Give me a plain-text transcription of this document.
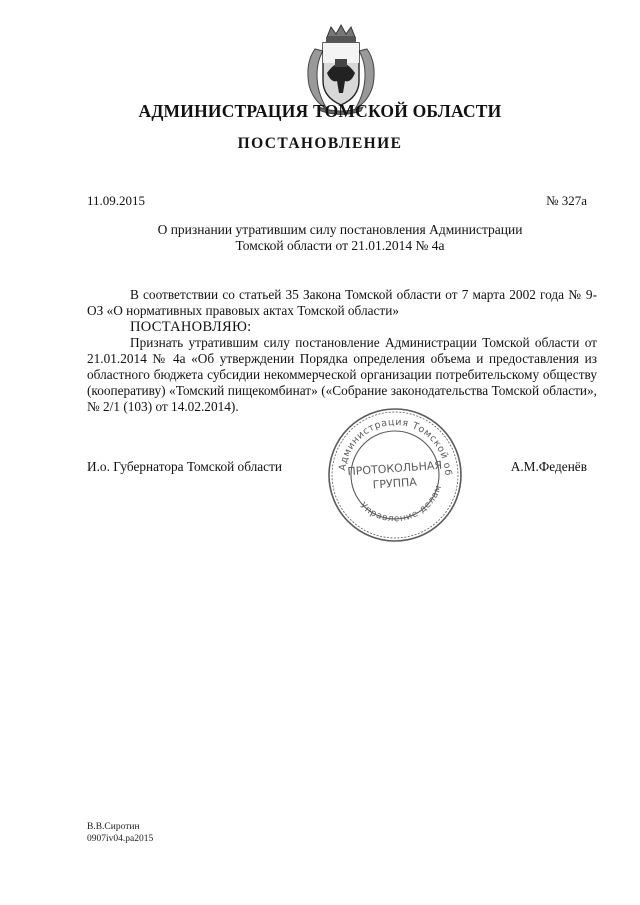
АДМИНИСТРАЦИЯ ТОМСКОЙ ОБЛАСТИ
ПОСТАНОВЛЕНИЕ
11.09.2015	№ 327а
О признании утратившим силу постановления Администрации
Томской области от 21.01.2014 № 4а

В соответствии со статьей 35 Закона Томской области от 7 марта 2002 года № 9-ОЗ «О нормативных правовых актах Томской области»

ПОСТАНОВЛЯЮ:

Признать утратившим силу постановление Администрации Томской области от 21.01.2014 № 4а «Об утверждении Порядка определения объема и предоставления из областного бюджета субсидии некоммерческой организации потребительскому обществу (кооперативу) «Томский пищекомбинат» («Собрание законодательства Томской области», № 2/1 (103) от 14.02.2014).

И.о. Губернатора Томской области	А.М.Феденёв
Администрация Томской об
Управление делам
ПРОТОКОЛЬНАЯ
ГРУППА
В.В.Сиротин
0907iv04.ра2015
